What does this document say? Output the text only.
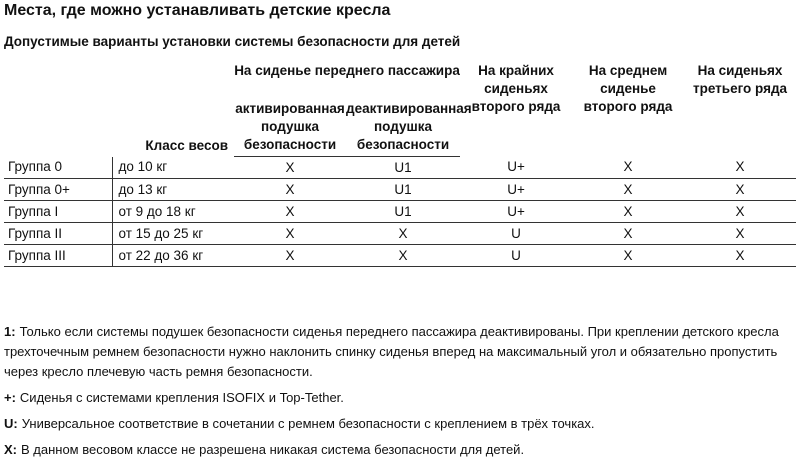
Места, где можно устанавливать детские кресла
Допустимые варианты установки системы безопасности для детей
Класс весов		На сиденье переднего пассажира		На крайних сиденьях второго ряда	На среднем сиденье второго ряда	На сиденьях третьего ряда
		активированная подушка безопасности	деактивированная подушка безопасности			
Группа 0	до 10 кг	X	U1	U+	X	X
Группа 0+	до 13 кг	X	U1	U+	X	X
Группа I	от 9 до 18 кг	X	U1	U+	X	X
Группа II	от 15 до 25 кг	X	X	U	X	X
Группа III	от 22 до 36 кг	X	X	U	X	X

1: Только если системы подушек безопасности сиденья переднего пассажира деактивированы. При креплении детского кресла трехточечным ремнем безопасности нужно наклонить спинку сиденья вперед на максимальный угол и обязательно пропустить через кресло плечевую часть ремня безопасности.

+: Сиденья с системами крепления ISOFIX и Top-Tether.

U: Универсальное соответствие в сочетании с ремнем безопасности с креплением в трёх точках.

X: В данном весовом классе не разрешена никакая система безопасности для детей.
